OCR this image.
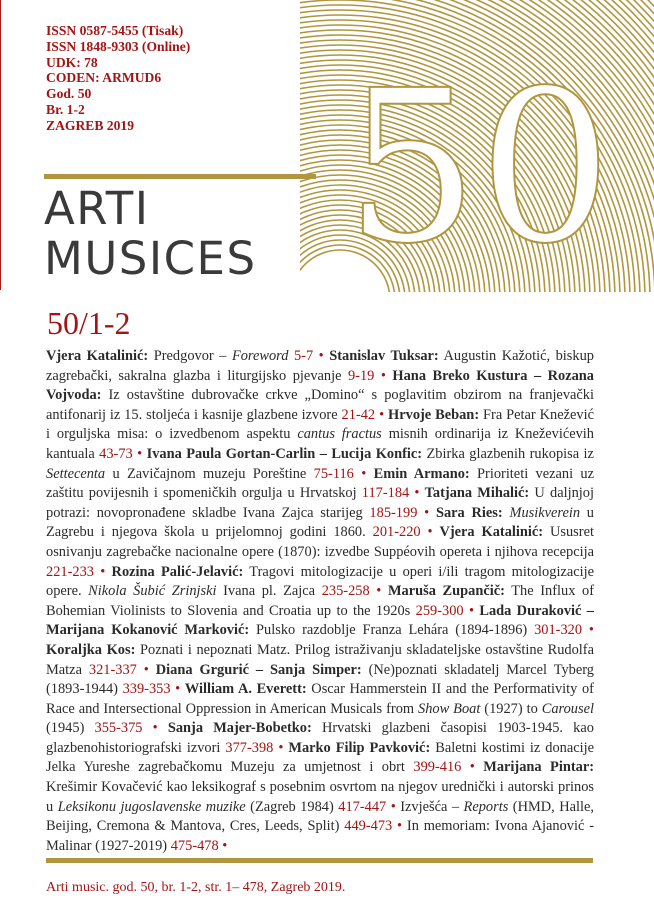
50
ISSN 0587-5455 (Tisak)
ISSN 1848-9303 (Online)
UDK: 78
CODEN: ARMUD6
God. 50
Br. 1-2
ZAGREB 2019
ARTI
MUSICES
50/1-2
Vjera Katalinić: Predgovor – Foreword 5-7 • Stanislav Tuksar: Augustin Kažotić, biskup zagrebački, sakralna glazba i liturgijsko pjevanje 9-19 • Hana Breko Kustura – Rozana Vojvoda: Iz ostavštine dubrovačke crkve „Domino“ s poglavitim obzirom na franjevački antifonarij iz 15. stoljeća i kasnije glazbene izvore 21-42 • Hrvoje Beban: Fra Petar Knežević i orguljska misa: o izvedbenom aspektu cantus fractus misnih ordinarija iz Kneževićevih kantuala 43-73 • Ivana Paula Gortan-Carlin – Lucija Konfic: Zbirka glazbenih rukopisa iz Settecenta u Zavičajnom muzeju Poreštine 75-116 • Emin Armano: Prioriteti vezani uz zaštitu povijesnih i spomeničkih orgulja u Hrvatskoj 117-184 • Tatjana Mihalić: U daljnjoj potrazi: novopronađene skladbe Ivana Zajca starijeg 185-199 • Sara Ries: Musikverein u Zagrebu i njegova škola u prijelomnoj godini 1860. 201-220 • Vjera Katalinić: Ususret osnivanju zagrebačke nacionalne opere (1870): izvedbe Suppéovih opereta i njihova recepcija 221-233 • Rozina Palić-Jelavić: Tragovi mitologizacije u operi i/ili tragom mitologizacije opere. Nikola Šubić Zrinjski Ivana pl. Zajca 235-258 • Maruša Zupančič: The Influx of Bohemian Violinists to Slovenia and Croatia up to the 1920s 259-300 • Lada Duraković – Marijana Kokanović Marković: Pulsko razdoblje Franza Lehára (1894-1896) 301-320 • Koraljka Kos: Poznati i nepoznati Matz. Prilog istraživanju skladateljske ostavštine Rudolfa Matza 321-337 • Diana Grgurić – Sanja Simper: (Ne)poznati skladatelj Marcel Tyberg (1893-1944) 339-353 • William A. Everett: Oscar Hammerstein II and the Performativity of Race and Intersectional Oppression in American Musicals from Show Boat (1927) to Carousel (1945) 355-375 • Sanja Majer-Bobetko: Hrvatski glazbeni časopisi 1903-1945. kao glazbenohistoriografski izvori 377-398 • Marko Filip Pavković: Baletni kostimi iz donacije Jelka Yureshe zagrebačkomu Muzeju za umjetnost i obrt 399-416 • Marijana Pintar: Krešimir Kovačević kao leksikograf s posebnim osvrtom na njegov urednički i autorski prinos u Leksikonu jugoslavenske muzike (Zagreb 1984) 417-447 • Izvješća – Reports (HMD, Halle, Beijing, Cremona & Mantova, Cres, Leeds, Split) 449-473 • In memoriam: Ivona Ajanović - Malinar (1927-2019) 475-478 •
Arti music. god. 50, br. 1-2, str. 1– 478, Zagreb 2019.
